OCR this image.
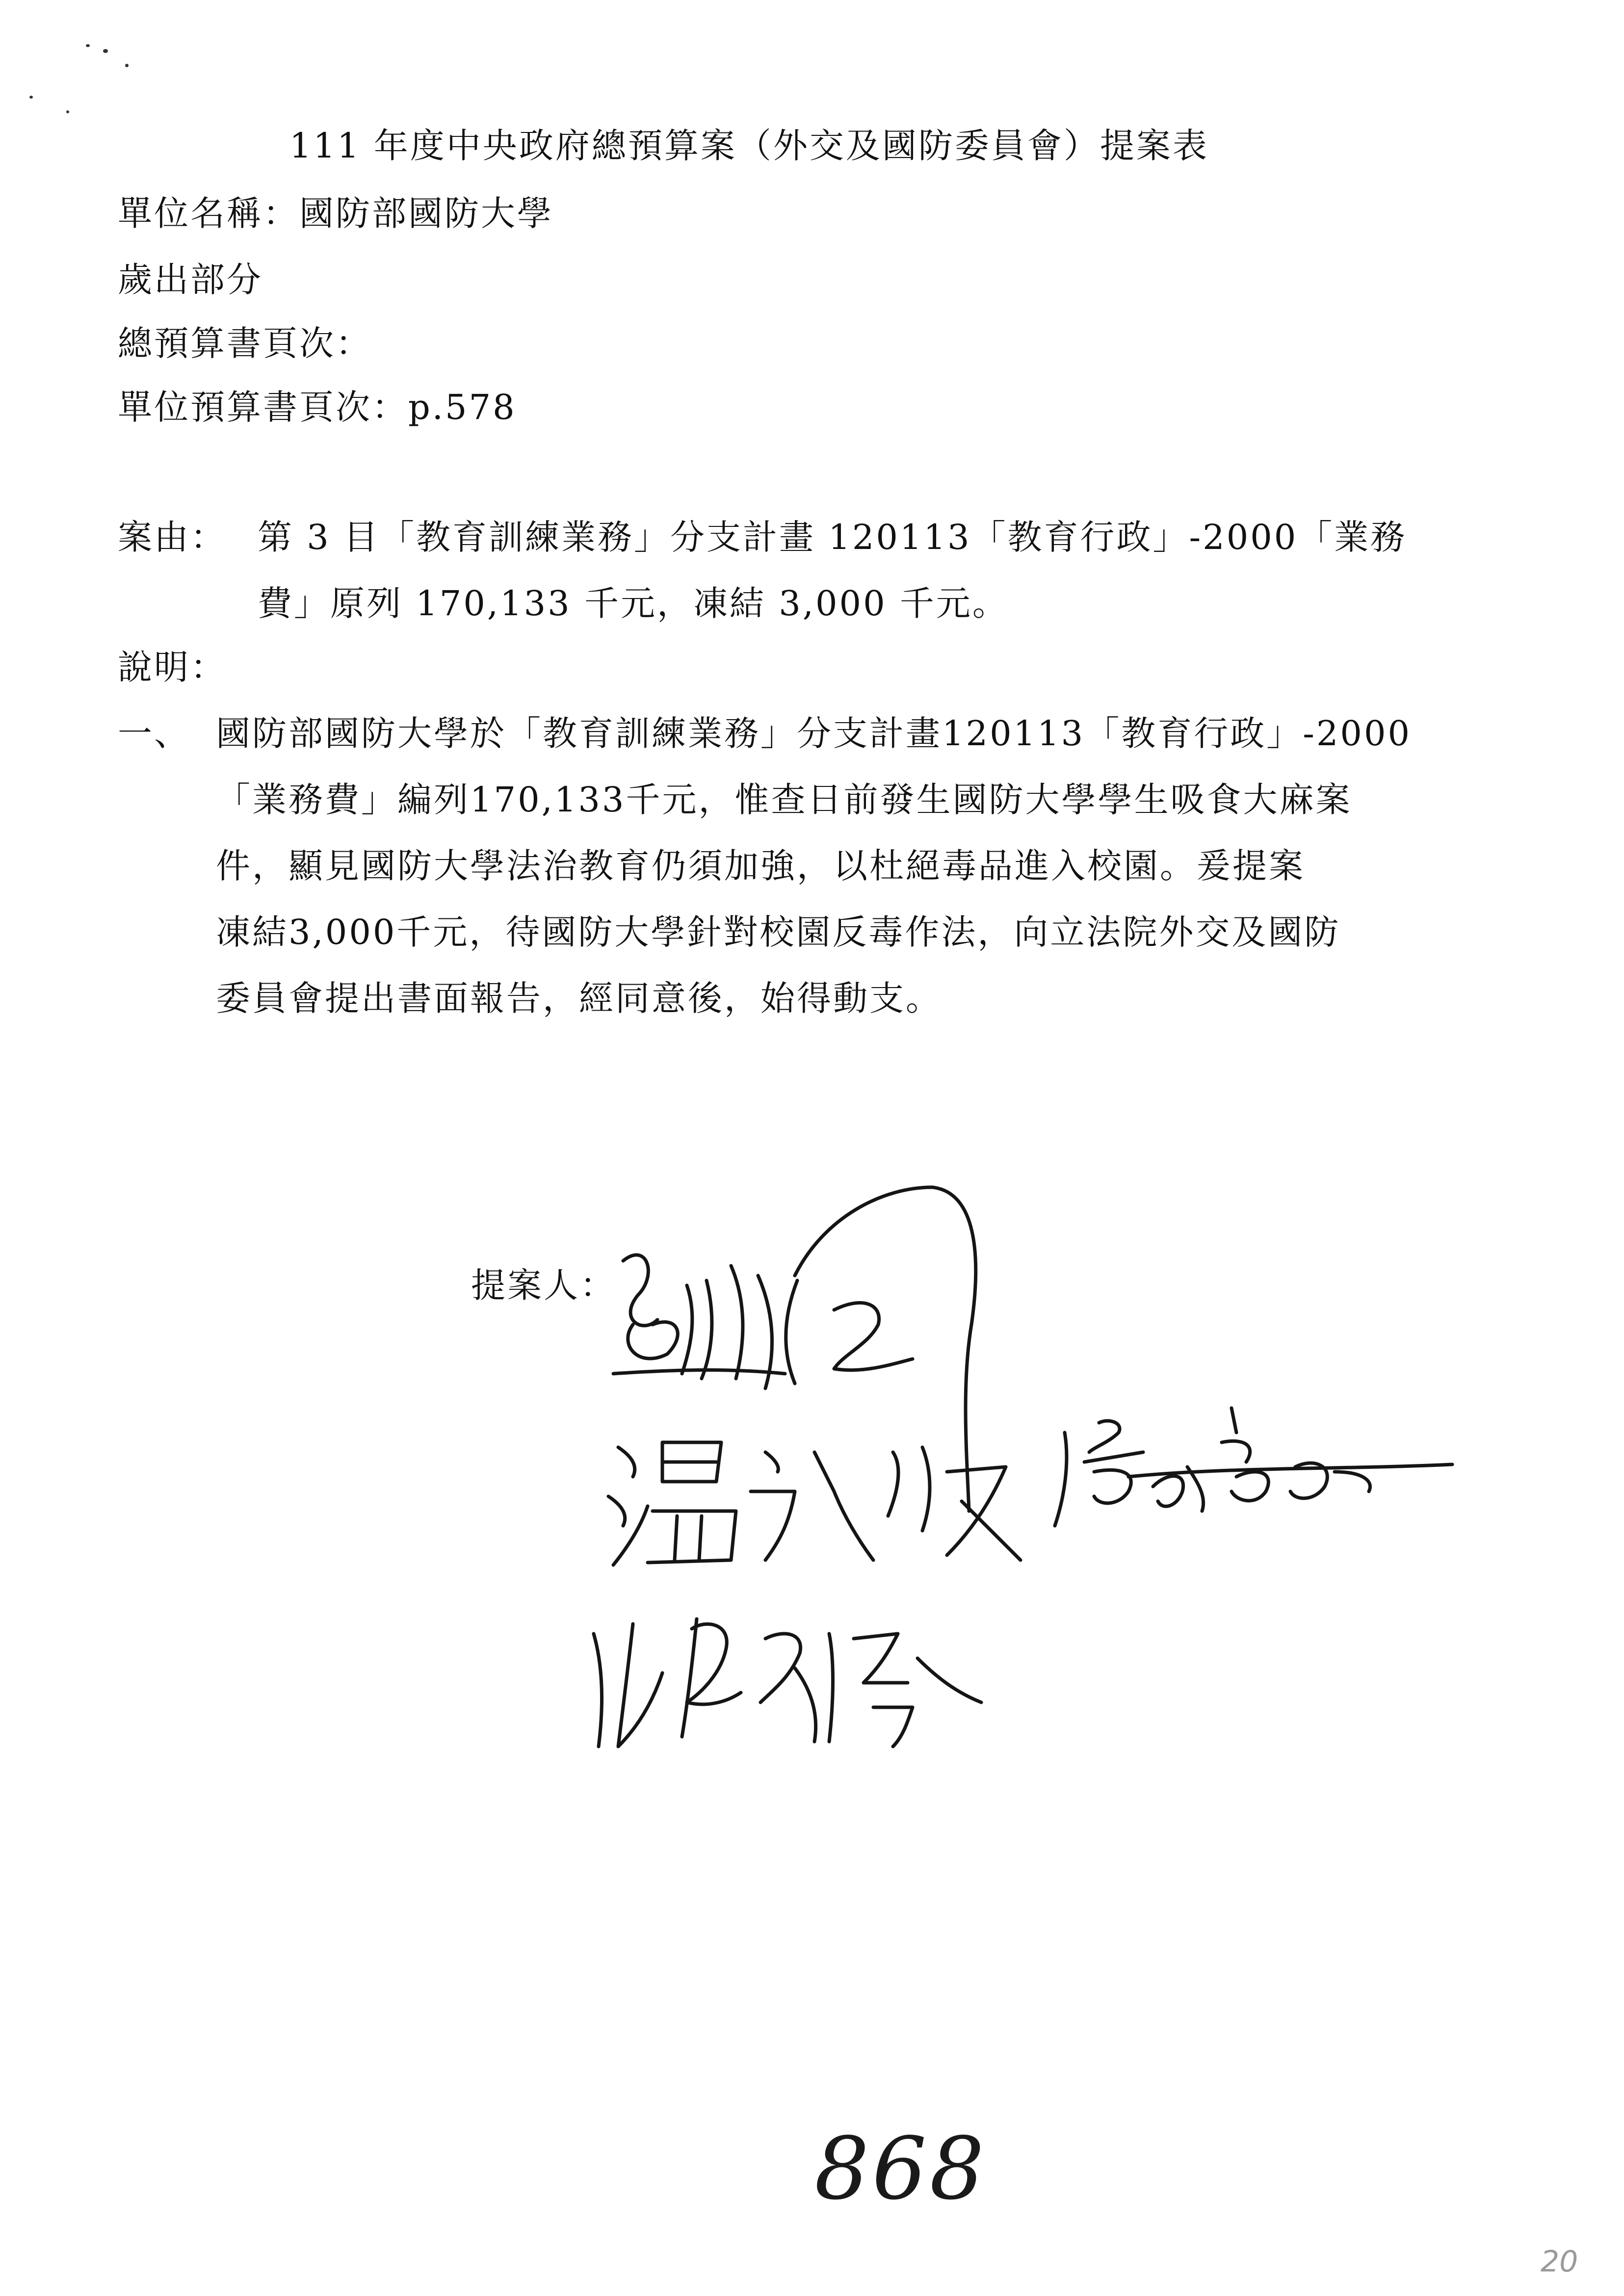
111 年度中央政府總預算案（外交及國防委員會）提案表
單位名稱：國防部國防大學
歲出部分
總預算書頁次：
單位預算書頁次：p.578
案由： 第 3 目「教育訓練業務」分支計畫 120113「教育行政」-2000「業務
費」原列 170,133 千元，凍結 3,000 千元。
說明：
一、 國防部國防大學於「教育訓練業務」分支計畫120113「教育行政」-2000
「業務費」編列170,133千元，惟查日前發生國防大學學生吸食大麻案
件，顯見國防大學法治教育仍須加強，以杜絕毒品進入校園。爰提案
凍結3,000千元，待國防大學針對校園反毒作法，向立法院外交及國防
委員會提出書面報告，經同意後，始得動支。
提案人：
868
20
